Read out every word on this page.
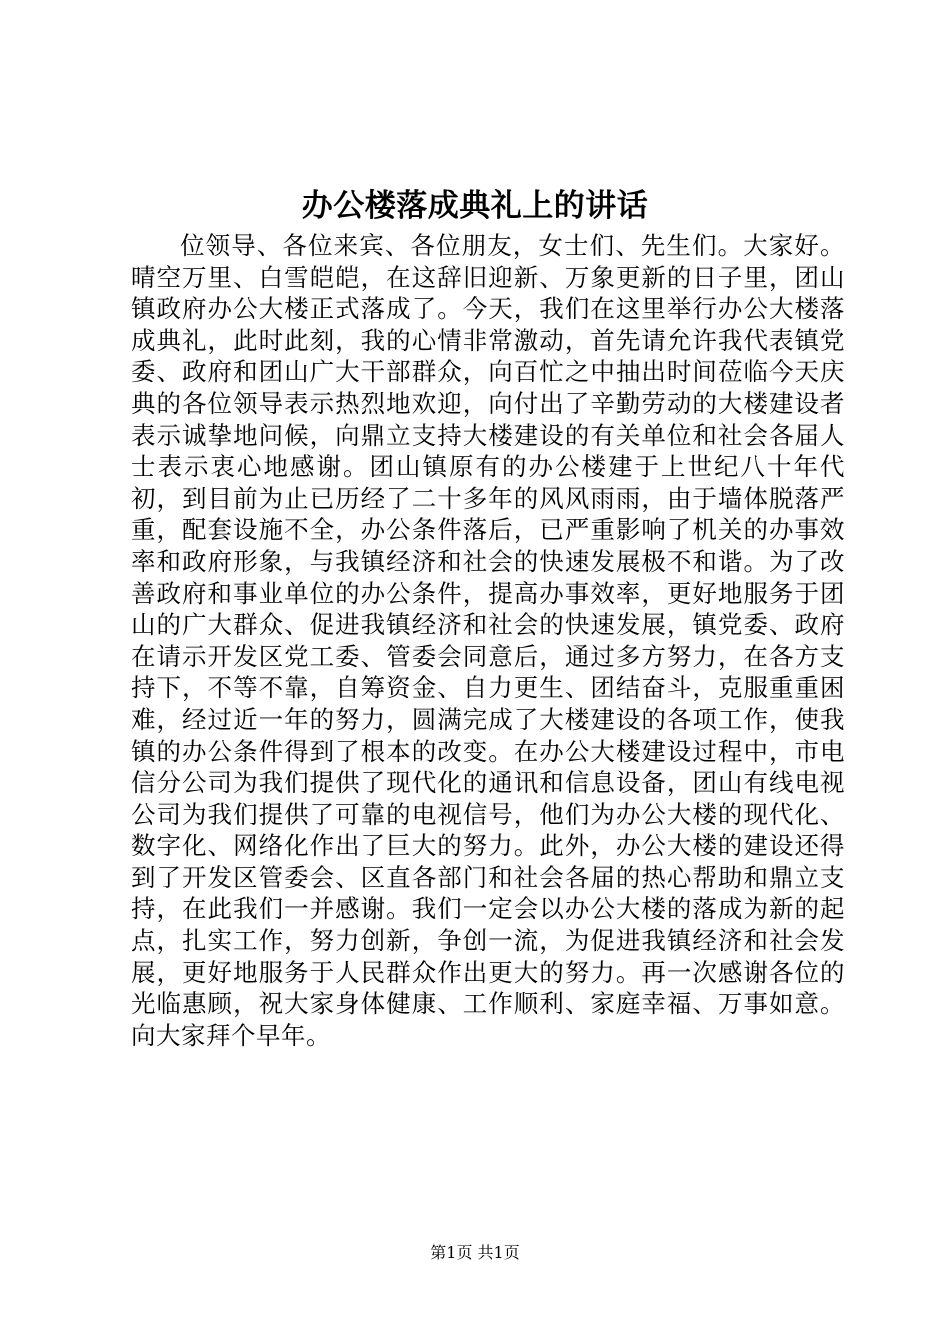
办公楼落成典礼上的讲话

位领导、各位来宾、各位朋友，女士们、先生们。大家好。晴空万里、白雪皑皑，在这辞旧迎新、万象更新的日子里，团山镇政府办公大楼正式落成了。今天，我们在这里举行办公大楼落成典礼，此时此刻，我的心情非常激动，首先请允许我代表镇党委、政府和团山广大干部群众，向百忙之中抽出时间莅临今天庆典的各位领导表示热烈地欢迎，向付出了辛勤劳动的大楼建设者表示诚挚地问候，向鼎立支持大楼建设的有关单位和社会各届人士表示衷心地感谢。团山镇原有的办公楼建于上世纪八十年代初，到目前为止已历经了二十多年的风风雨雨，由于墙体脱落严重，配套设施不全，办公条件落后，已严重影响了机关的办事效率和政府形象，与我镇经济和社会的快速发展极不和谐。为了改善政府和事业单位的办公条件，提高办事效率，更好地服务于团山的广大群众、促进我镇经济和社会的快速发展，镇党委、政府在请示开发区党工委、管委会同意后，通过多方努力，在各方支持下，不等不靠，自筹资金、自力更生、团结奋斗，克服重重困难，经过近一年的努力，圆满完成了大楼建设的各项工作，使我镇的办公条件得到了根本的改变。在办公大楼建设过程中，市电信分公司为我们提供了现代化的通讯和信息设备，团山有线电视公司为我们提供了可靠的电视信号，他们为办公大楼的现代化、数字化、网络化作出了巨大的努力。此外，办公大楼的建设还得到了开发区管委会、区直各部门和社会各届的热心帮助和鼎立支持，在此我们一并感谢。我们一定会以办公大楼的落成为新的起点，扎实工作，努力创新，争创一流，为促进我镇经济和社会发展，更好地服务于人民群众作出更大的努力。再一次感谢各位的光临惠顾，祝大家身体健康、工作顺利、家庭幸福、万事如意。向大家拜个早年。

第1页 共1页
